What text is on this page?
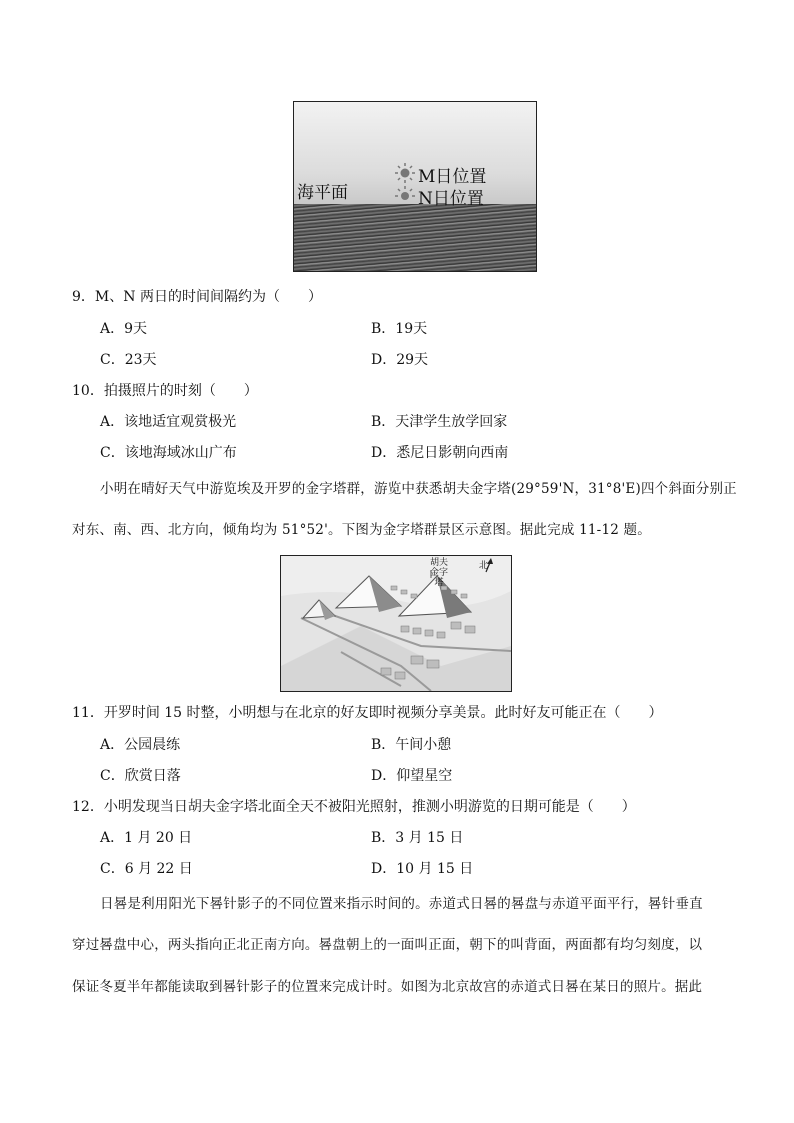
海平面
M日位置
N日位置
9．M、N 两日的时间间隔约为（　　）
A．9天	B．19天
C．23天	D．29天
10．拍摄照片的时刻（　　）
A．该地适宜观赏极光	B．天津学生放学回家
C．该地海域冰山广布	D．悉尼日影朝向西南
小明在晴好天气中游览埃及开罗的金字塔群，游览中获悉胡夫金字塔(29°59'N，31°8'E)四个斜面分别正
对东、南、西、北方向，倾角均为 51°52'。下图为金字塔群景区示意图。据此完成 11-12 题。
胡夫
金字塔
北
11．开罗时间 15 时整，小明想与在北京的好友即时视频分享美景。此时好友可能正在（　　）
A．公园晨练	B．午间小憩
C．欣赏日落	D．仰望星空
12．小明发现当日胡夫金字塔北面全天不被阳光照射，推测小明游览的日期可能是（　　）
A．1 月 20 日	B．3 月 15 日
C．6 月 22 日	D．10 月 15 日
日晷是利用阳光下晷针影子的不同位置来指示时间的。赤道式日晷的晷盘与赤道平面平行，晷针垂直
穿过晷盘中心，两头指向正北正南方向。晷盘朝上的一面叫正面，朝下的叫背面，两面都有均匀刻度，以
保证冬夏半年都能读取到晷针影子的位置来完成计时。如图为北京故宫的赤道式日晷在某日的照片。据此
